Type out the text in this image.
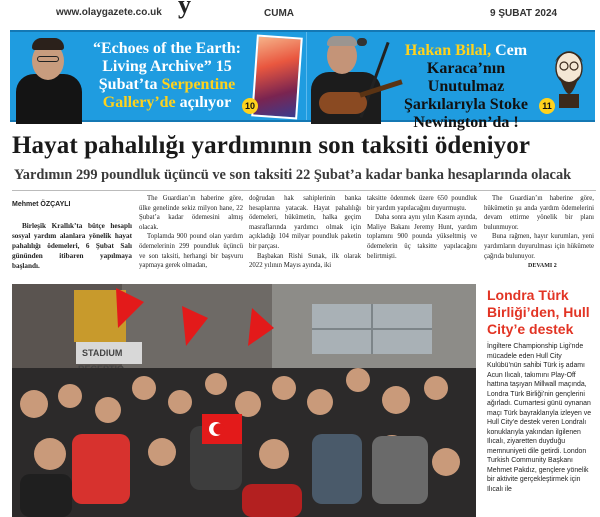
www.olaygazete.co.uk y	CUMA	9 ŞUBAT 2024
“Echoes of the Earth:
Living Archive” 15
Şubat’ta Serpentine
Gallery’de açılıyor	10
Hakan Bilal, Cem
Karaca’nın Unutulmaz
Şarkılarıyla Stoke
Newington’da !
11
Hayat pahalılığı yardımının son taksiti ödeniyor
Yardımın 299 poundluk üçüncü ve son taksiti 22 Şubat’a kadar banka hesaplarında olacak
Mehmet ÖZÇAYLI

Birleşik Krallık’ta bütçe hesaplı sosyal yardım alanlara yönelik hayat pahalılığı ödemeleri, 6 Şubat Salı gününden itibaren yapılmaya başlandı.

The Guardian’ın haberine göre, ülke genelinde sekiz milyon hane, 22 Şubat’a kadar ödemesini almış olacak.

Toplamda 900 pound olan yardım ödemelerinin 299 poundluk üçüncü ve son taksiti, herhangi bir başvuru yapmaya gerek olmadan,

doğrudan hak sahiplerinin banka hesaplarına yatacak. Hayat pahalılığı ödemeleri, hükümetin, halka geçim masraflarında yardımcı olmak için açıkladığı 104 milyar poundluk paketin bir parçası.

Başbakan Rishi Sunak, ilk olarak 2022 yılının Mayıs ayında, iki

taksitte ödenmek üzere 650 poundluk bir yardım yapılacağını duyurmuştu.

Daha sonra aynı yılın Kasım ayında, Maliye Bakanı Jeremy Hunt, yardım toplamını 900 pounda yükseltmiş ve ödemelerin üç taksitte yapılacağını belirtmişti.

The Guardian’ın haberine göre, hükümetin şu anda yardım ödemelerini devam ettirme yönelik bir planı bulunmuyor.

Buna rağmen, hayır kurumları, yeni yardımların duyurulması için hükümete çağrıda bulunuyor.

DEVAMI 2
STADIUM
Londra Türk Birliği’den, Hull City’e destek
İngiltere Championship Ligi’nde mücadele eden Hull City Kulübü’nün sahibi Türk iş adamı Acun Ilıcalı, takımını Play-Off hattına taşıyan Millwall maçında, Londra Türk Birliği’nin gençlerini ağırladı. Cumartesi günü oynanan maçı Türk bayraklarıyla izleyen ve Hull City’e destek veren Londralı konuklarıyla yakından ilgilenen Ilıcalı, ziyaretten duyduğu memnuniyeti dile getirdi. London Turkish Community Başkanı Mehmet Pakdız, gençlere yönelik bir aktivite gerçekleştirmek için Ilıcalı ile
